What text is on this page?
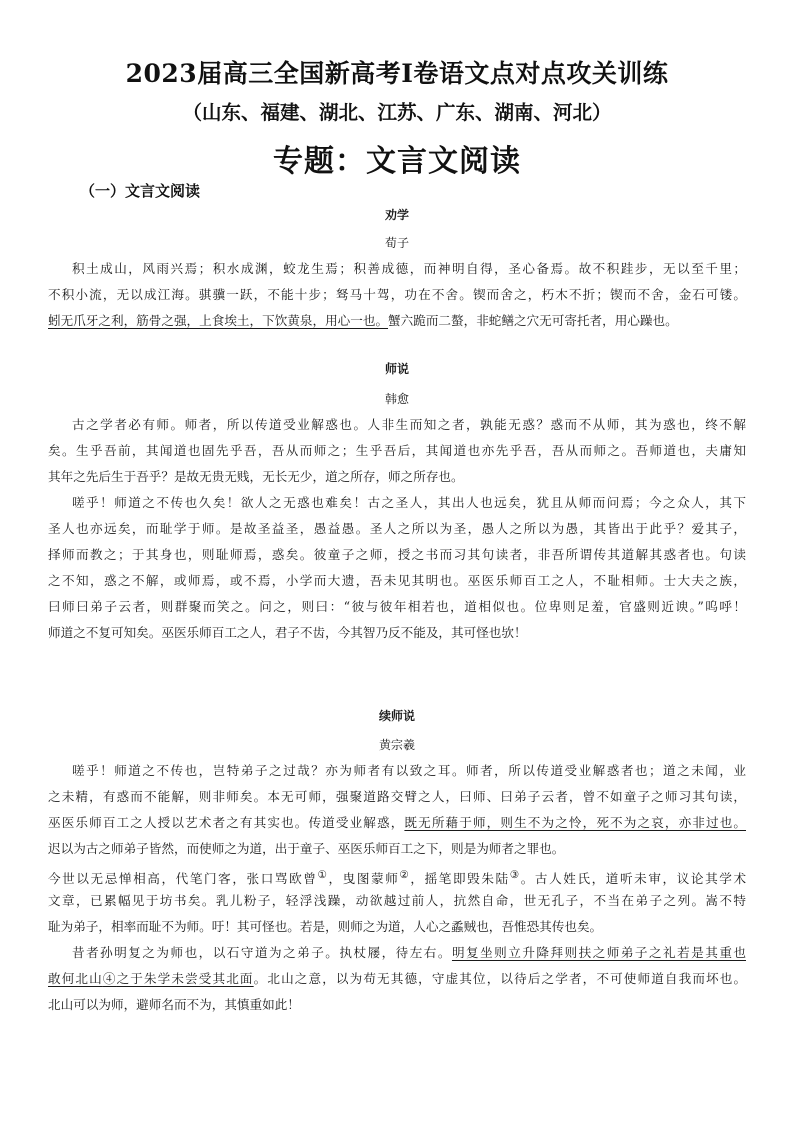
2023届高三全国新高考Ⅰ卷语文点对点攻关训练
（山东、福建、湖北、江苏、广东、湖南、河北）
专题：文言文阅读
（一）文言文阅读
劝学
荀子
积土成山，风雨兴焉；积水成渊，蛟龙生焉；积善成德，而神明自得，圣心备焉。故不积跬步，无以至千里；
不积小流，无以成江海。骐骥一跃，不能十步；驽马十驾，功在不舍。锲而舍之，朽木不折；锲而不舍，金石可镂。
蚓无爪牙之利，筋骨之强，上食埃土，下饮黄泉，用心一也。蟹六跪而二螯，非蛇鳝之穴无可寄托者，用心躁也。
师说
韩愈
古之学者必有师。师者，所以传道受业解惑也。人非生而知之者，孰能无惑？惑而不从师，其为惑也，终不解
矣。生乎吾前，其闻道也固先乎吾，吾从而师之；生乎吾后，其闻道也亦先乎吾，吾从而师之。吾师道也，夫庸知
其年之先后生于吾乎？是故无贵无贱，无长无少，道之所存，师之所存也。
嗟乎！师道之不传也久矣！欲人之无惑也难矣！古之圣人，其出人也远矣，犹且从师而问焉；今之众人，其下
圣人也亦远矣，而耻学于师。是故圣益圣，愚益愚。圣人之所以为圣，愚人之所以为愚，其皆出于此乎？爱其子，
择师而教之；于其身也，则耻师焉，惑矣。彼童子之师，授之书而习其句读者，非吾所谓传其道解其惑者也。句读
之不知，惑之不解，或师焉，或不焉，小学而大遗，吾未见其明也。巫医乐师百工之人，不耻相师。士大夫之族，
曰师曰弟子云者，则群聚而笑之。问之，则曰：“彼与彼年相若也，道相似也。位卑则足羞，官盛则近谀。”呜呼！
师道之不复可知矣。巫医乐师百工之人，君子不齿，今其智乃反不能及，其可怪也欤！
续师说
黄宗羲
嗟乎！师道之不传也，岂特弟子之过哉？亦为师者有以致之耳。师者，所以传道受业解惑者也；道之未闻，业
之未精，有惑而不能解，则非师矣。本无可师，强聚道路交臂之人，曰师、曰弟子云者，曾不如童子之师习其句读，
巫医乐师百工之人授以艺术者之有其实也。传道受业解惑，既无所藉于师，则生不为之怜，死不为之哀，亦非过也。
迟以为古之师弟子皆然，而使师之为道，出于童子、巫医乐师百工之下，则是为师者之罪也。
今世以无忌惮相高，代笔门客，张口骂欧曾①，曳图蒙师②，摇笔即毁朱陆③。古人姓氏，道听未审，议论其学术
文章，已累幅见于坊书矣。乳儿粉子，轻浮浅躁，动欲越过前人，抗然自命，世无孔子，不当在弟子之列。嵩不特
耻为弟子，相率而耻不为师。吁！其可怪也。若是，则师之为道，人心之蟊贼也，吾惟恐其传也矣。
昔者孙明复之为师也，以石守道为之弟子。执杖屦，待左右。明复坐则立升降拜则扶之师弟子之礼若是其重也
敢何北山④之于朱学未尝受其北面。北山之意，以为苟无其德，守虚其位，以待后之学者，不可使师道自我而坏也。
北山可以为师，避师名而不为，其慎重如此！
